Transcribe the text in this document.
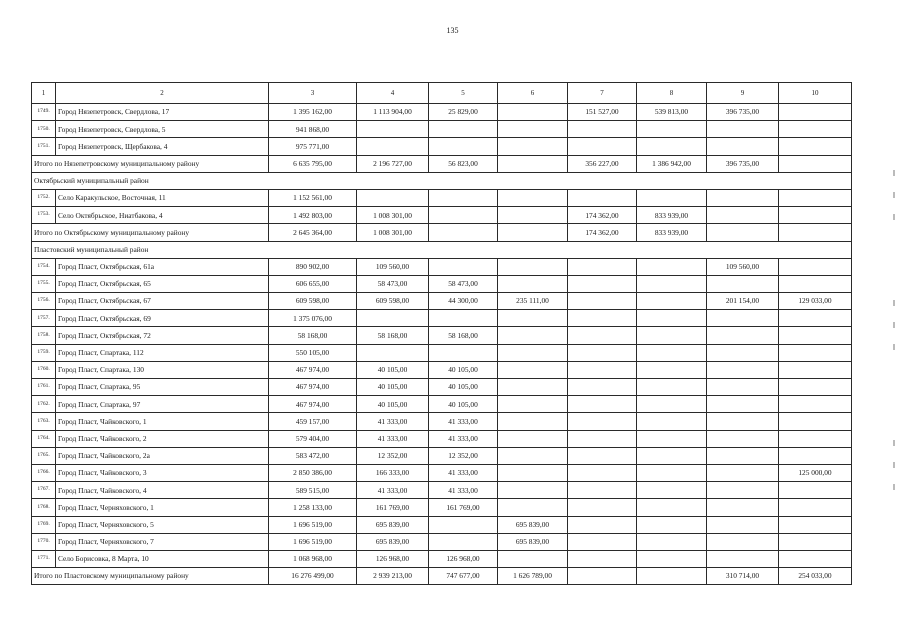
135
1	2	3	4	5	6	7	8	9	10
1749.	Город Нязепетровск, Свердлова, 17	1 395 162,00	1 113 904,00	25 829,00		151 527,00	539 813,00	396 735,00	
1750.	Город Нязепетровск, Свердлова, 5	941 868,00							
1751.	Город Нязепетровск, Щербакова, 4	975 771,00							
Итого по Нязепетровскому муниципальному району		6 635 795,00	2 196 727,00	56 823,00		356 227,00	1 386 942,00	396 735,00	
Октябрьский муниципальный район									
1752.	Село Каракульское, Восточная, 11	1 152 561,00							
1753.	Село Октябрьское, Ниатбакова, 4	1 492 803,00	1 008 301,00			174 362,00	833 939,00		
Итого по Октябрьскому муниципальному району		2 645 364,00	1 008 301,00			174 362,00	833 939,00		
Пластовский муниципальный район									
1754.	Город Пласт, Октябрьская, 61а	890 902,00	109 560,00					109 560,00	
1755.	Город Пласт, Октябрьская, 65	606 655,00	58 473,00	58 473,00					
1756.	Город Пласт, Октябрьская, 67	609 598,00	609 598,00	44 300,00	235 111,00			201 154,00	129 033,00
1757.	Город Пласт, Октябрьская, 69	1 375 076,00							
1758.	Город Пласт, Октябрьская, 72	58 168,00	58 168,00	58 168,00					
1759.	Город Пласт, Спартака, 112	550 105,00							
1760.	Город Пласт, Спартака, 130	467 974,00	40 105,00	40 105,00					
1761.	Город Пласт, Спартака, 95	467 974,00	40 105,00	40 105,00					
1762.	Город Пласт, Спартака, 97	467 974,00	40 105,00	40 105,00					
1763.	Город Пласт, Чайковского, 1	459 157,00	41 333,00	41 333,00					
1764.	Город Пласт, Чайковского, 2	579 404,00	41 333,00	41 333,00					
1765.	Город Пласт, Чайковского, 2а	583 472,00	12 352,00	12 352,00					
1766.	Город Пласт, Чайковского, 3	2 850 386,00	166 333,00	41 333,00					125 000,00
1767.	Город Пласт, Чайковского, 4	589 515,00	41 333,00	41 333,00					
1768.	Город Пласт, Черняховского, 1	1 258 133,00	161 769,00	161 769,00					
1769.	Город Пласт, Черняховского, 5	1 696 519,00	695 839,00		695 839,00				
1770.	Город Пласт, Черняховского, 7	1 696 519,00	695 839,00		695 839,00				
1771.	Село Борисовка, 8 Марта, 10	1 068 968,00	126 968,00	126 968,00					
Итого по Пластовскому муниципальному району		16 276 499,00	2 939 213,00	747 677,00	1 626 789,00			310 714,00	254 033,00
